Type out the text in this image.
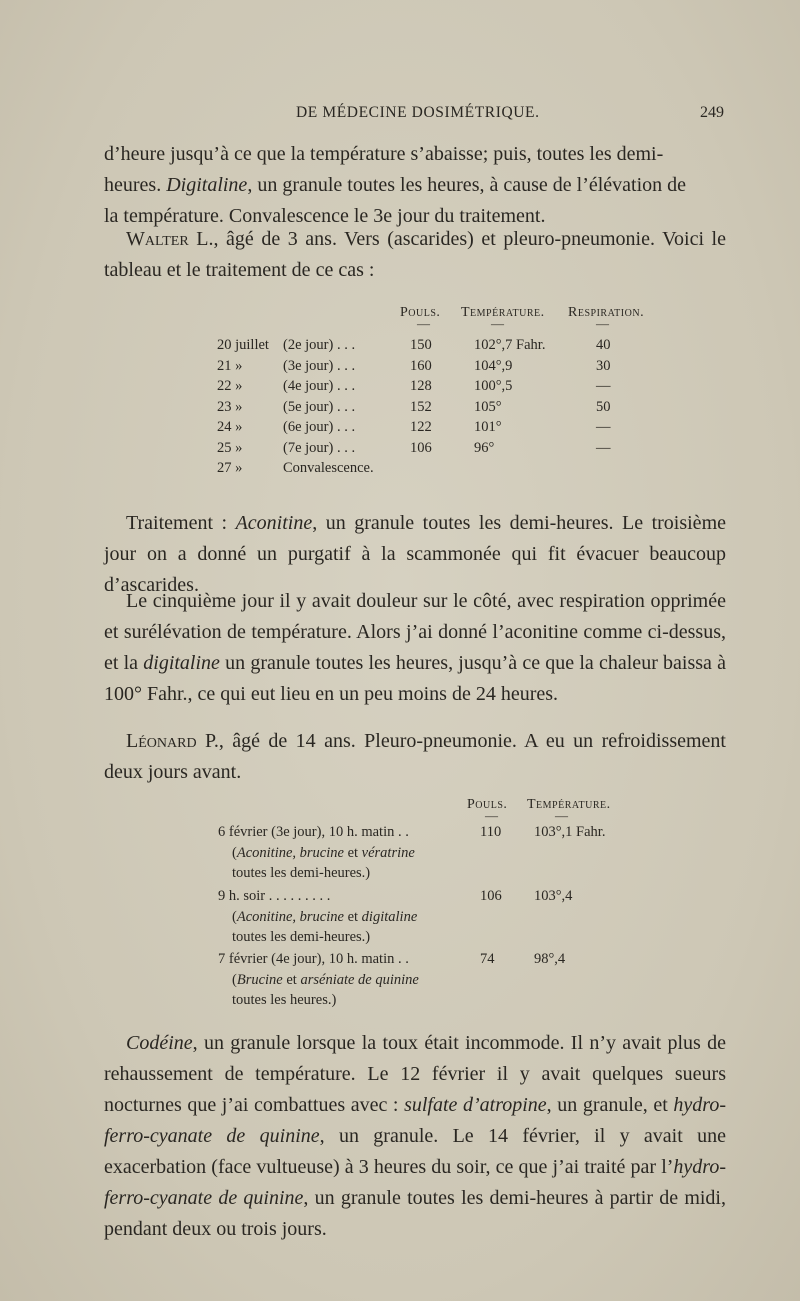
DE MÉDECINE DOSIMÉTRIQUE.	249

d’heure jusqu’à ce que la température s’abaisse; puis, toutes les demi-

heures. Digitaline, un granule toutes les heures, à cause de l’élévation de

la température. Convalescence le 3e jour du traitement.

Walter L., âgé de 3 ans. Vers (ascarides) et pleuro-pneumonie. Voici le tableau et le traitement de ce cas :

Pouls. Température. Respiration.
—	—	—
20 juillet (2e jour) . . .	150	102°,7 Fahr.	40
21 »	(3e jour) . . .	160	104°,9	30
22 »	(4e jour) . . .	128	100°,5	—
23 »	(5e jour) . . .	152	105°	50
24 »	(6e jour) . . .	122	101°	—
25 »	(7e jour) . . .	106	96°	—
27 »	Convalescence.

Traitement : Aconitine, un granule toutes les demi-heures. Le troisième jour on a donné un purgatif à la scammonée qui fit évacuer beaucoup d’ascarides.

Le cinquième jour il y avait douleur sur le côté, avec respiration opprimée et surélévation de température. Alors j’ai donné l’aconitine comme ci-dessus, et la digitaline un granule toutes les heures, jusqu’à ce que la chaleur baissa à 100° Fahr., ce qui eut lieu en un peu moins de 24 heures.

Léonard P., âgé de 14 ans. Pleuro-pneumonie. A eu un refroidissement deux jours avant.

Pouls. Température.
—	—
6 février (3e jour), 10 h. matin . .	110 103°,1 Fahr.
(Aconitine, brucine et vératrine
toutes les demi-heures.)
9 h. soir . . . . . . . . .	106 103°,4
(Aconitine, brucine et digitaline
toutes les demi-heures.)
7 février (4e jour), 10 h. matin . .	74	98°,4
(Brucine et arséniate de quinine
toutes les heures.)

Codéine, un granule lorsque la toux était incommode. Il n’y avait plus de rehaussement de température. Le 12 février il y avait quelques sueurs nocturnes que j’ai combattues avec : sulfate d’atropine, un granule, et hydro-ferro-cyanate de quinine, un granule. Le 14 février, il y avait une exacerbation (face vultueuse) à 3 heures du soir, ce que j’ai traité par l’hydro-ferro-cyanate de quinine, un granule toutes les demi-heures à partir de midi, pendant deux ou trois jours.
